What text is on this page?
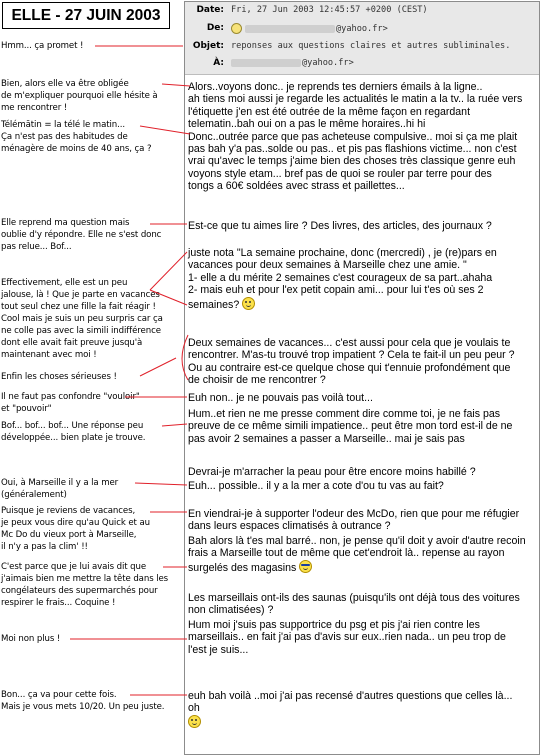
ELLE - 27 JUIN 2003
Hmm... ça promet !
Bien, alors elle va être obligée
de m'expliquer pourquoi elle hésite à
me rencontrer !
Télémātin = la télé le matin...
Ça n'est pas des habitudes de
ménagère de moins de 40 ans, ça ?
Elle reprend ma question mais
oublie d'y répondre. Elle ne s'est donc
pas relue... Bof...
Effectivement, elle est un peu
jalouse, là ! Que je parte en vacances
tout seul chez une fille la fait réagir !
Cool mais je suis un peu surpris car ça
ne colle pas avec la simili indifférence
dont elle avait fait preuve jusqu'à
maintenant avec moi !
Enfin les choses sérieuses !
Il ne faut pas confondre "vouloir"
et "pouvoir"
Bof... bof... bof... Une réponse peu
développée... bien plate je trouve.
Oui, à Marseille il y a la mer
(généralement)
Puisque je reviens de vacances,
je peux vous dire qu'au Quick et au
Mc Do du vieux port à Marseille,
il n'y a pas la clim' !!
C'est parce que je lui avais dit que
j'aimais bien me mettre la tête dans les
congélateurs des supermarchés pour
respirer le frais... Coquine !
Moi non plus !
Bon... ça va pour cette fois.
Mais je vous mets 10/20. Un peu juste.
Date: Fri, 27 Jun 2003 12:45:57 +0200 (CEST)
De:	@yahoo.fr>
Objet: reponses aux questions claires et autres subliminales.
À:	@yahoo.fr>
Alors..voyons donc.. je reprends tes derniers émails à la ligne..
ah tiens moi aussi je regarde les actualités le matin a la tv.. la ruée vers
l'étiquette j'en est été outrée de la même façon en regardant
telematin..bah oui on a pas le même horaires..hi hi
Donc..outrée parce que pas acheteuse compulsive.. moi si ça me plait
pas bah y'a pas..solde ou pas.. et pis pas flashions victime... non c'est
vrai qu'avec le temps j'aime bien des choses très classique genre euh
voyons style etam... bref pas de quoi se rouler par terre pour des
tongs a 60€ soldées avec strass et paillettes...
Est-ce que tu aimes lire ? Des livres, des articles, des journaux ?
juste nota "La semaine prochaine, donc (mercredi) , je (re)pars en
vacances pour deux semaines à Marseille chez une amie. "
1- elle a du mérite 2 semaines c'est courageux de sa part..ahaha
2- mais euh et pour l'ex petit copain ami... pour lui t'es où ses 2
semaines?
Deux semaines de vacances... c'est aussi pour cela que je voulais te
rencontrer. M'as-tu trouvé trop impatient ? Cela te fait-il un peu peur ?
Ou au contraire est-ce quelque chose qui t'ennuie profondément que
de choisir de me rencontrer ?
Euh non.. je ne pouvais pas voilà tout...
Hum..et rien ne me presse comment dire comme toi, je ne fais pas
preuve de ce même simili impatience.. peut être mon tord est-il de ne
pas avoir 2 semaines a passer a Marseille.. mai je sais pas
Devrai-je m'arracher la peau pour être encore moins habillé ?
Euh... possible.. il y a la mer a cote d'ou tu vas au fait?
En viendrai-je à supporter l'odeur des McDo, rien que pour me réfugier
dans leurs espaces climatisés à outrance ?
Bah alors là t'es mal barré.. non, je pense qu'il doit y avoir d'autre recoin
frais a Marseille tout de même que cet'endroit là.. repense au rayon
surgelés des magasins
Les marseillais ont-ils des saunas (puisqu'ils ont déjà tous des voitures
non climatisées) ?
Hum moi j'suis pas supportrice du psg et pis j'ai rien contre les
marseillais.. en fait j'ai pas d'avis sur eux..rien nada.. un peu trop de
l'est je suis...
euh bah voilà ..moi j'ai pas recensé d'autres questions que celles là...
oh
